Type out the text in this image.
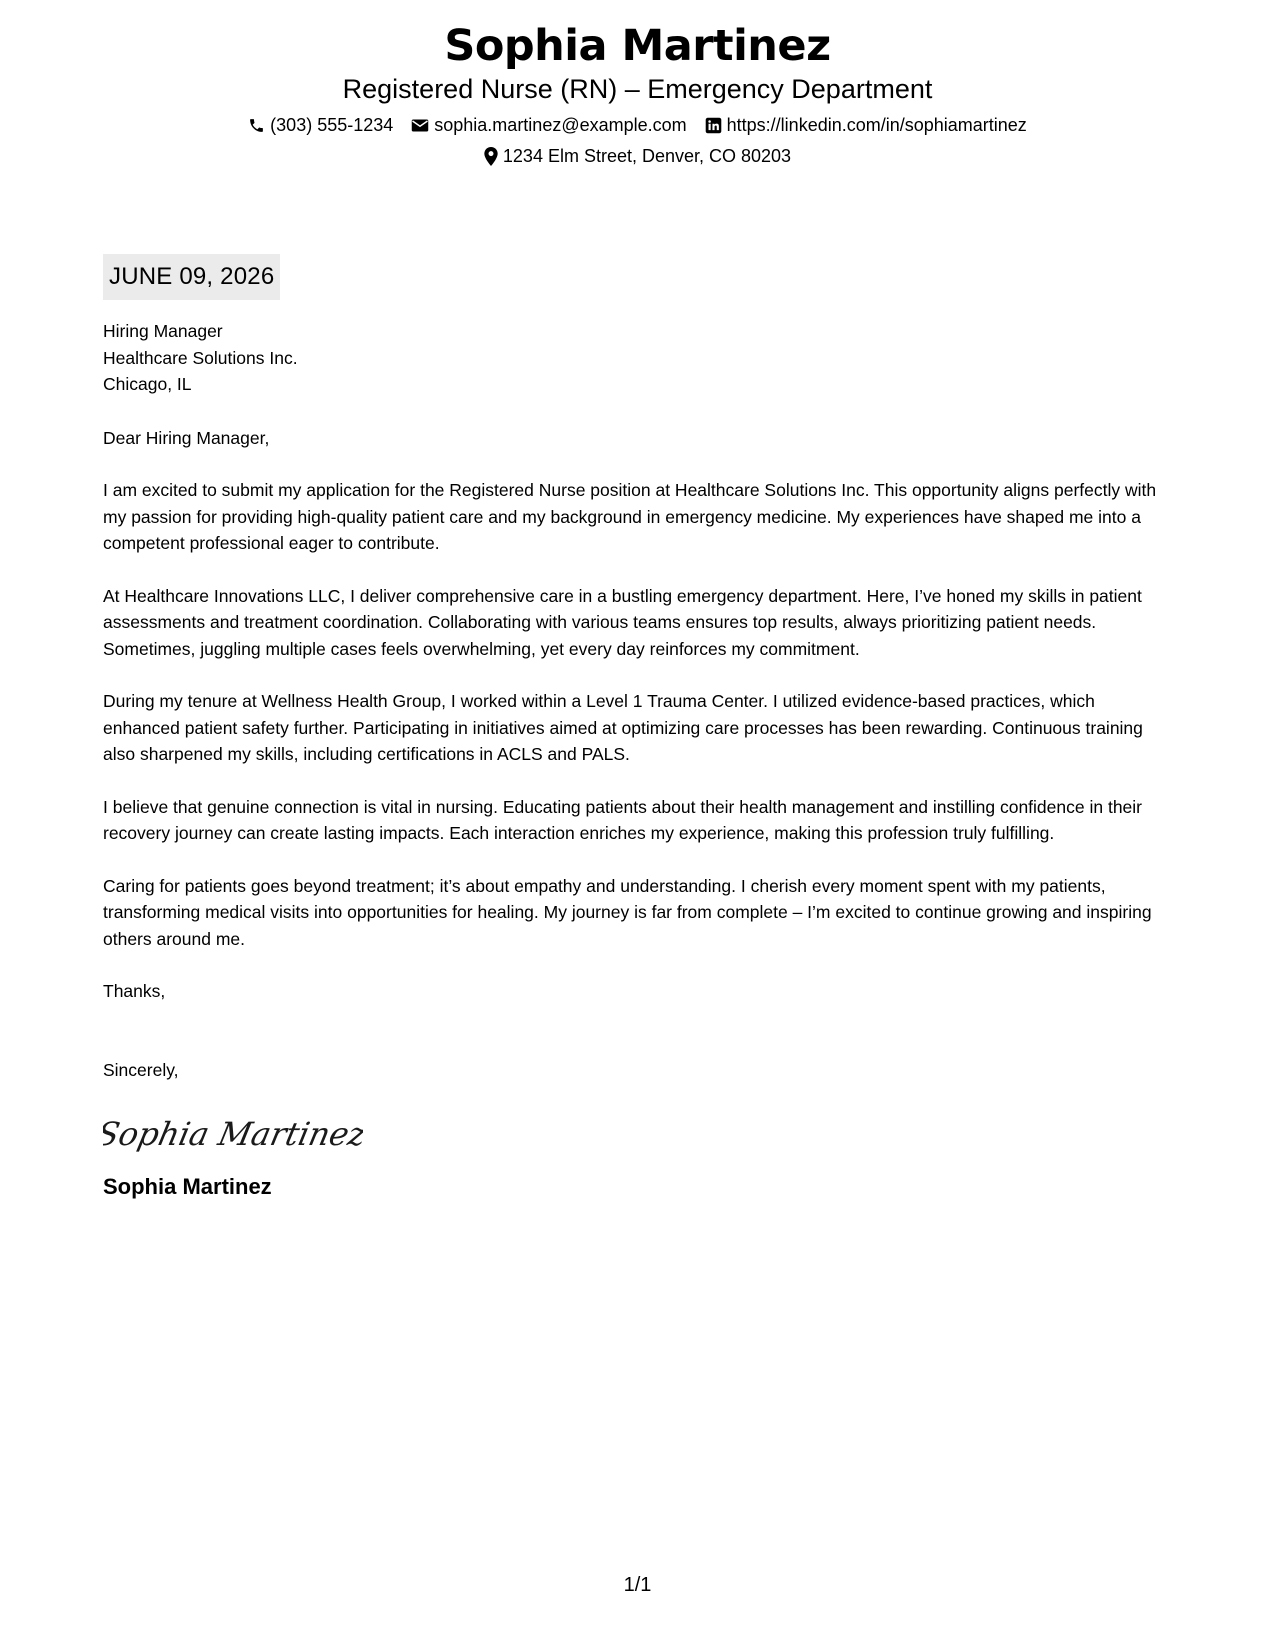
Sophia Martinez
Registered Nurse (RN) – Emergency Department
(303) 555-1234 sophia.martinez@example.com https://linkedin.com/in/sophiamartinez
1234 Elm Street, Denver, CO 80203
JUNE 09, 2026
Hiring Manager
Healthcare Solutions Inc.
Chicago, IL
Dear Hiring Manager,
I am excited to submit my application for the Registered Nurse position at Healthcare Solutions Inc. This opportunity aligns perfectly with my passion for providing high-quality patient care and my background in emergency medicine. My experiences have shaped me into a competent professional eager to contribute.
At Healthcare Innovations LLC, I deliver comprehensive care in a bustling emergency department. Here, I’ve honed my skills in patient assessments and treatment coordination. Collaborating with various teams ensures top results, always prioritizing patient needs. Sometimes, juggling multiple cases feels overwhelming, yet every day reinforces my commitment.
During my tenure at Wellness Health Group, I worked within a Level 1 Trauma Center. I utilized evidence-based practices, which enhanced patient safety further. Participating in initiatives aimed at optimizing care processes has been rewarding. Continuous training also sharpened my skills, including certifications in ACLS and PALS.
I believe that genuine connection is vital in nursing. Educating patients about their health management and instilling confidence in their recovery journey can create lasting impacts. Each interaction enriches my experience, making this profession truly fulfilling.
Caring for patients goes beyond treatment; it’s about empathy and understanding. I cherish every moment spent with my patients, transforming medical visits into opportunities for healing. My journey is far from complete – I’m excited to continue growing and inspiring others around me.
Thanks,
Sincerely,
Sophia Martinez
Sophia Martinez
1/1
